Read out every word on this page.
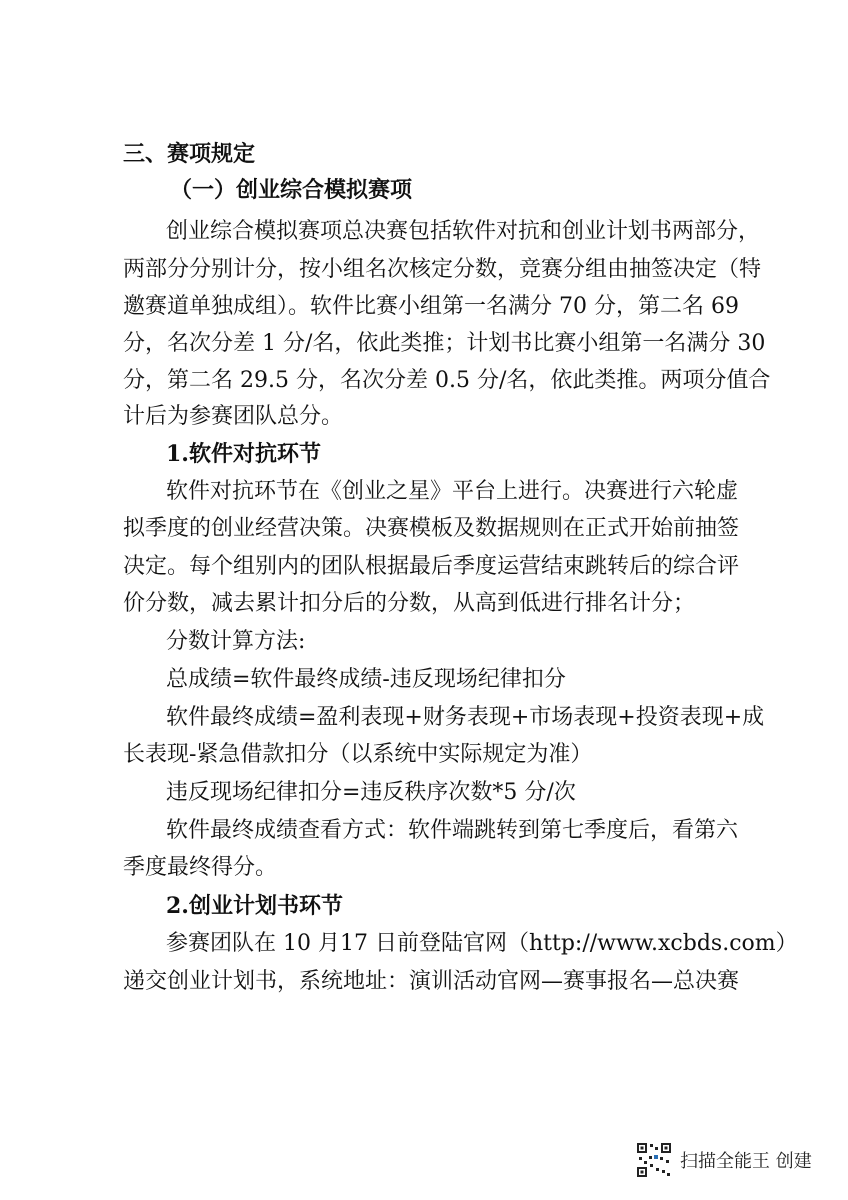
三、赛项规定
（一）创业综合模拟赛项
创业综合模拟赛项总决赛包括软件对抗和创业计划书两部分，
两部分分别计分，按小组名次核定分数，竞赛分组由抽签决定（特
邀赛道单独成组）。软件比赛小组第一名满分 70 分，第二名 69
分，名次分差 1 分/名，依此类推；计划书比赛小组第一名满分 30
分，第二名 29.5 分，名次分差 0.5 分/名，依此类推。两项分值合
计后为参赛团队总分。
1.软件对抗环节
软件对抗环节在《创业之星》平台上进行。决赛进行六轮虚
拟季度的创业经营决策。决赛模板及数据规则在正式开始前抽签
决定。每个组别内的团队根据最后季度运营结束跳转后的综合评
价分数，减去累计扣分后的分数，从高到低进行排名计分；
分数计算方法:
总成绩=软件最终成绩-违反现场纪律扣分
软件最终成绩=盈利表现+财务表现+市场表现+投资表现+成
长表现-紧急借款扣分（以系统中实际规定为准）
违反现场纪律扣分=违反秩序次数*5 分/次
软件最终成绩查看方式：软件端跳转到第七季度后，看第六
季度最终得分。
2.创业计划书环节
参赛团队在 10 月17 日前登陆官网（http://www.xcbds.com）
递交创业计划书，系统地址：演训活动官网—赛事报名—总决赛
扫描全能王 创建
